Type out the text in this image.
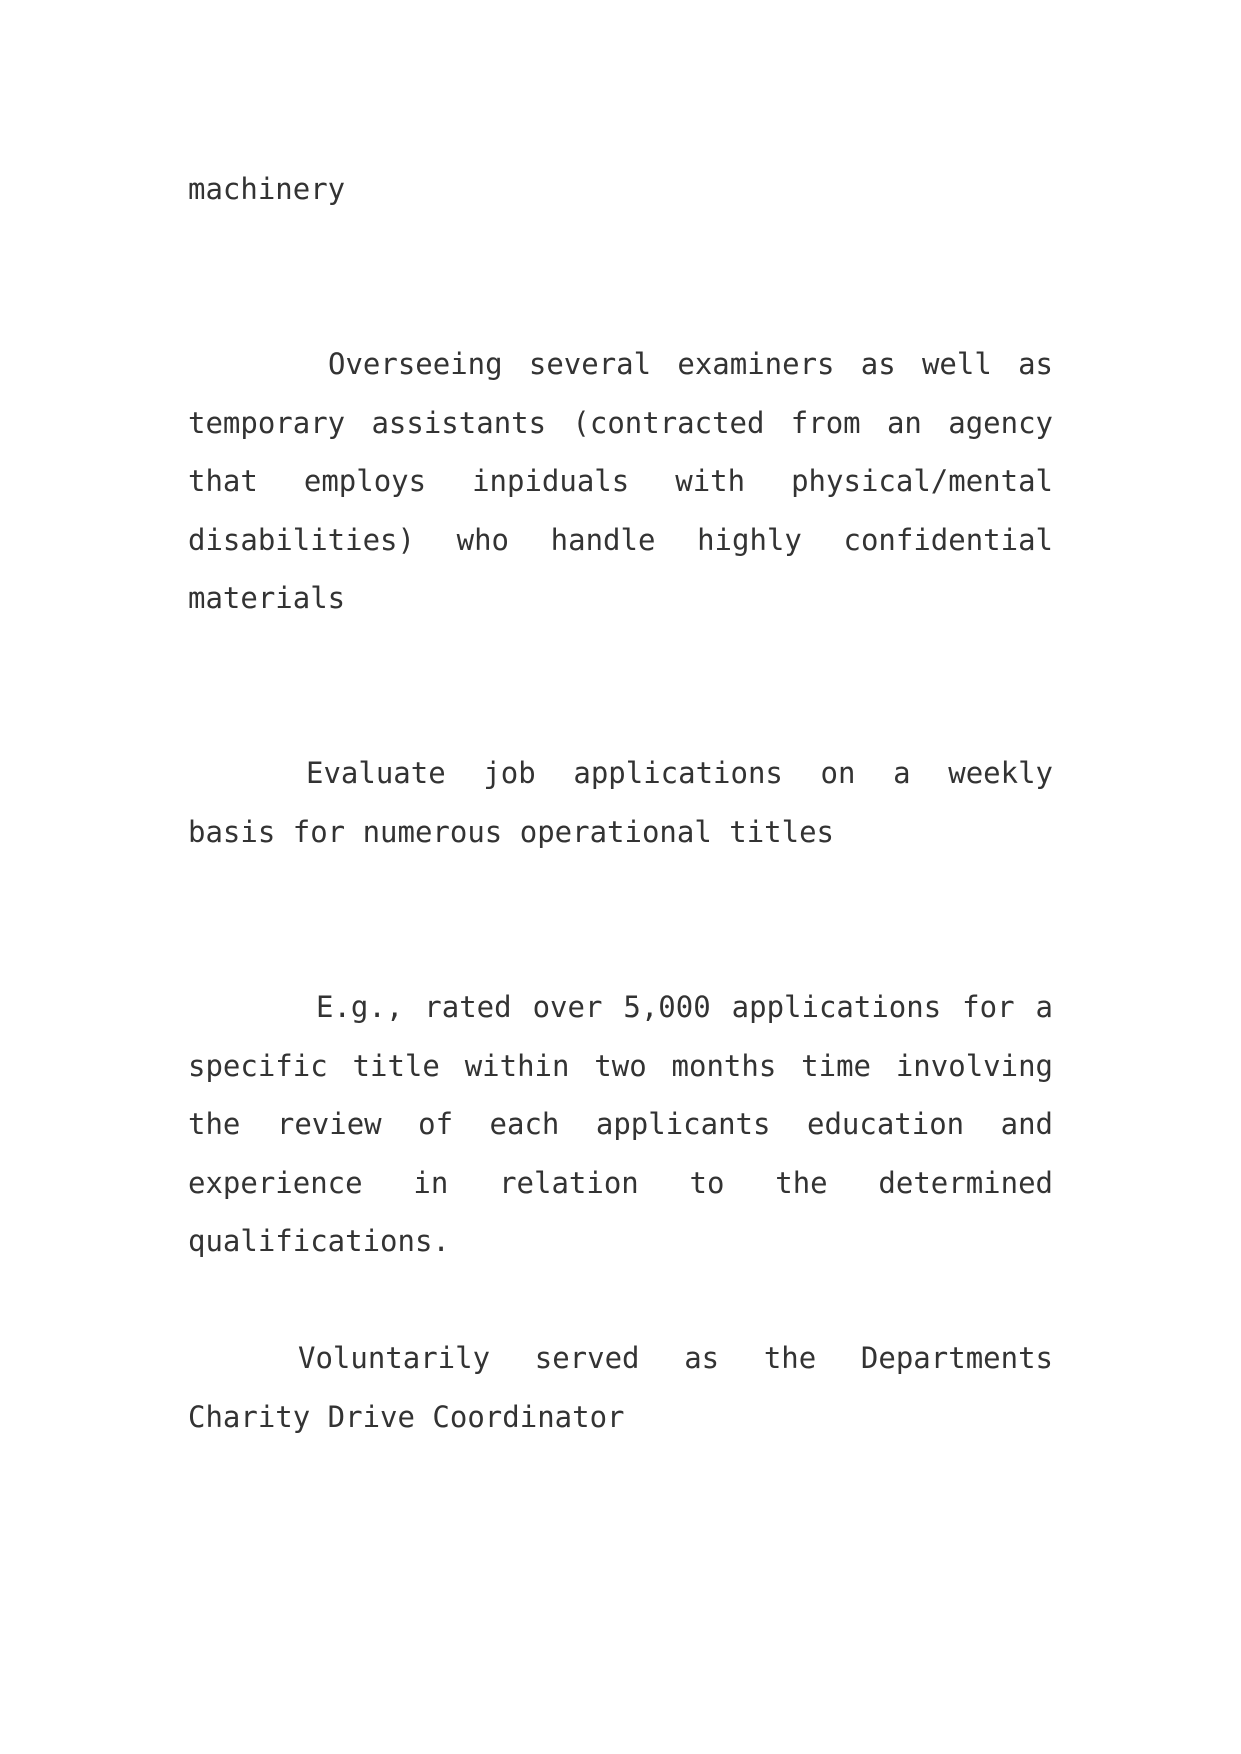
machinery

Overseeing several examiners as well as temporary assistants (contracted from an agency that employs inpiduals with physical/mental disabilities) who handle highly confidential materials

Evaluate job applications on a weekly basis for numerous operational titles

E.g., rated over 5,000 applications for a specific title within two months time involving the review of each applicants education and experience in relation to the determined qualifications.

Voluntarily served as the Departments Charity Drive Coordinator
